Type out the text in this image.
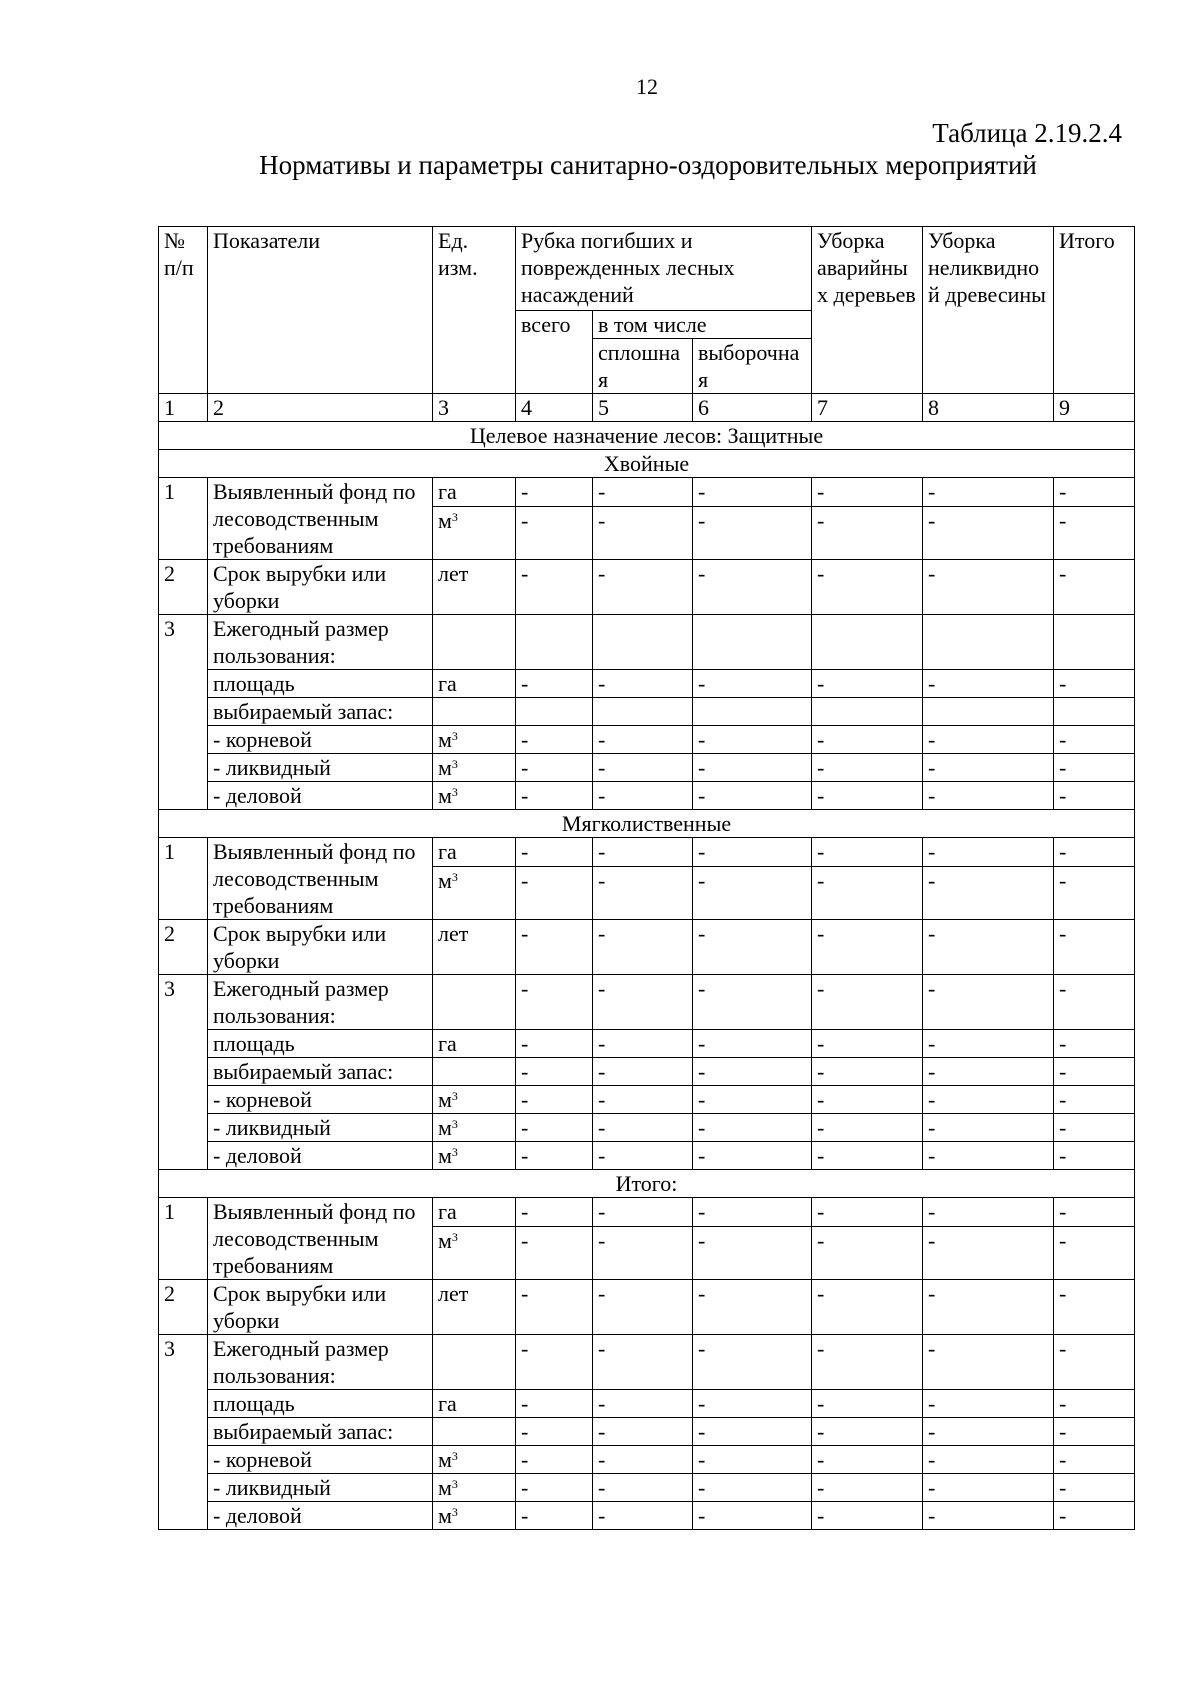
12
Таблица 2.19.2.4
Нормативы и параметры санитарно-оздоровительных мероприятий
№ п/п	Показатели	Ед. изм.	Рубка погибших и поврежденных лесных насаждений			Уборка аварийны х деревьев	Уборка неликвидно й древесины	Итого
			всего	в том числе				
				сплошна я	выборочна я			
1	2	3	4	5	6	7	8	9
Целевое назначение лесов: Защитные								
Хвойные								
1	Выявленный фонд по лесоводственным требованиям	га	-	-	-	-	-	-
		$м^3$	-	-	-	-	-	-
2	Срок вырубки или уборки	лет	-	-	-	-	-	-
3	Ежегодный размер пользования:							
	площадь	га	-	-	-	-	-	-
	выбираемый запас:							
	- корневой	$м^3$	-	-	-	-	-	-
	- ликвидный	$м^3$	-	-	-	-	-	-
	- деловой	$м^3$	-	-	-	-	-	-
Мягколиственные								
1	Выявленный фонд по лесоводственным требованиям	га	-	-	-	-	-	-
		$м^3$	-	-	-	-	-	-
2	Срок вырубки или уборки	лет	-	-	-	-	-	-
3	Ежегодный размер пользования:		-	-	-	-	-	-
	площадь	га	-	-	-	-	-	-
	выбираемый запас:		-	-	-	-	-	-
	- корневой	$м^3$	-	-	-	-	-	-
	- ликвидный	$м^3$	-	-	-	-	-	-
	- деловой	$м^3$	-	-	-	-	-	-
Итого:								
1	Выявленный фонд по лесоводственным требованиям	га	-	-	-	-	-	-
		$м^3$	-	-	-	-	-	-
2	Срок вырубки или уборки	лет	-	-	-	-	-	-
3	Ежегодный размер пользования:		-	-	-	-	-	-
	площадь	га	-	-	-	-	-	-
	выбираемый запас:		-	-	-	-	-	-
	- корневой	$м^3$	-	-	-	-	-	-
	- ликвидный	$м^3$	-	-	-	-	-	-
	- деловой	$м^3$	-	-	-	-	-	-
